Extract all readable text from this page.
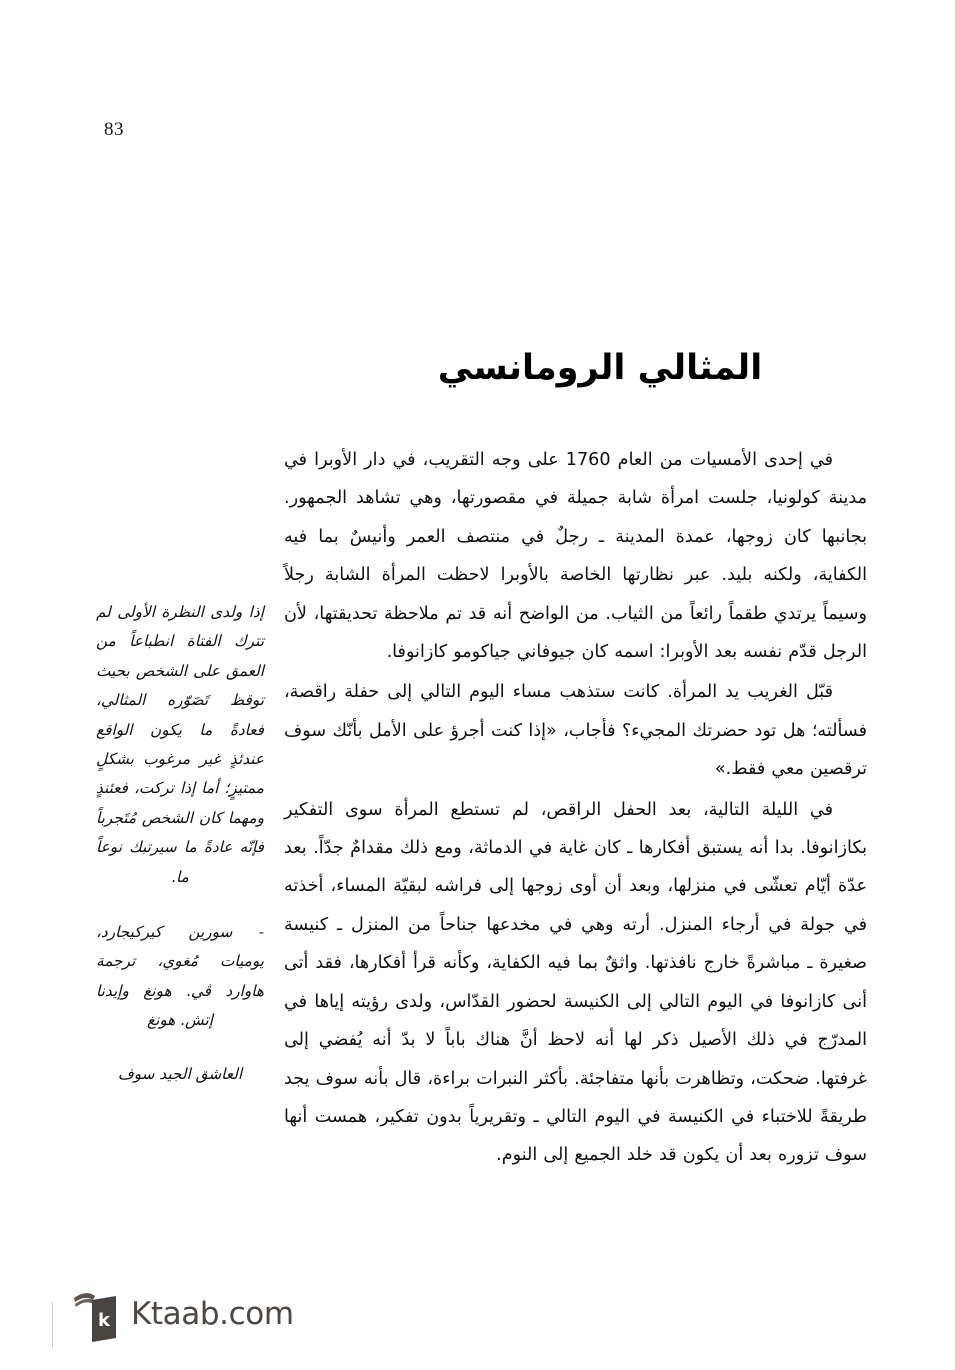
83
المثالي الرومانسي

في إحدى الأمسيات من العام 1760 على وجه التقريب، في دار الأوبرا في مدينة كولونيا، جلست امرأة شابة جميلة في مقصورتها، وهي تشاهد الجمهور. بجانبها كان زوجها، عمدة المدينة ـ رجلٌ في منتصف العمر وأنيسٌ بما فيه الكفاية، ولكنه بليد. عبر نظارتها الخاصة بالأوبرا لاحظت المرأة الشابة رجلاً وسيماً يرتدي طقماً رائعاً من الثياب. من الواضح أنه قد تم ملاحظة تحديقتها، لأن الرجل قدّم نفسه بعد الأوبرا: اسمه كان جيوفاني جياكومو كازانوفا.

قبّل الغريب يد المرأة. كانت ستذهب مساء اليوم التالي إلى حفلة راقصة، فسألته؛ هل تود حضرتك المجيء؟ فأجاب، «إذا كنت أجرؤ على الأمل بأنّك سوف ترقصين معي فقط.»

في الليلة التالية، بعد الحفل الراقص، لم تستطع المرأة سوى التفكير بكازانوفا. بدا أنه يستبق أفكارها ـ كان غاية في الدماثة، ومع ذلك مقدامٌ جدّاً. بعد عدّة أيّام تعشّى في منزلها، وبعد أن أوى زوجها إلى فراشه لبقيّة المساء، أخذته في جولة في أرجاء المنزل. أرته وهي في مخدعها جناحاً من المنزل ـ كنيسة صغيرة ـ مباشرةً خارج نافذتها. واثقٌ بما فيه الكفاية، وكأنه قرأ أفكارها، فقد أتى أنى كازانوفا في اليوم التالي إلى الكنيسة لحضور القدّاس، ولدى رؤيته إياها في المدرّج في ذلك الأصيل ذكر لها أنه لاحظ أنَّ هناك باباً لا بدّ أنه يُفضي إلى غرفتها. ضحكت، وتظاهرت بأنها متفاجئة. بأكثر النبرات براءة، قال بأنه سوف يجد طريقةً للاختباء في الكنيسة في اليوم التالي ـ وتقريرياً بدون تفكير، همست أنها سوف تزوره بعد أن يكون قد خلد الجميع إلى النوم.

إذا ولدى النظرة الأولى لم تترك الفتاة انطباعاً من العمق على الشخص بحيث توقظ تَصَوّره المثالي، فعادةً ما يكون الواقع عندئذٍ غير مرغوب بشكلٍ ممتيزٍ؛ أما إذا تركت، فعئنذٍ ومهما كان الشخص مُتَجرباً فإنّه عادةً ما سيرتبك نوعاً ما.

- سورين كيركيجارد، يوميات مُغوي، ترجمة هاوارد ڤي. هونغ وإيدنا إتش. هونغ

العاشق الجيد سوف

k Ktaab.com
